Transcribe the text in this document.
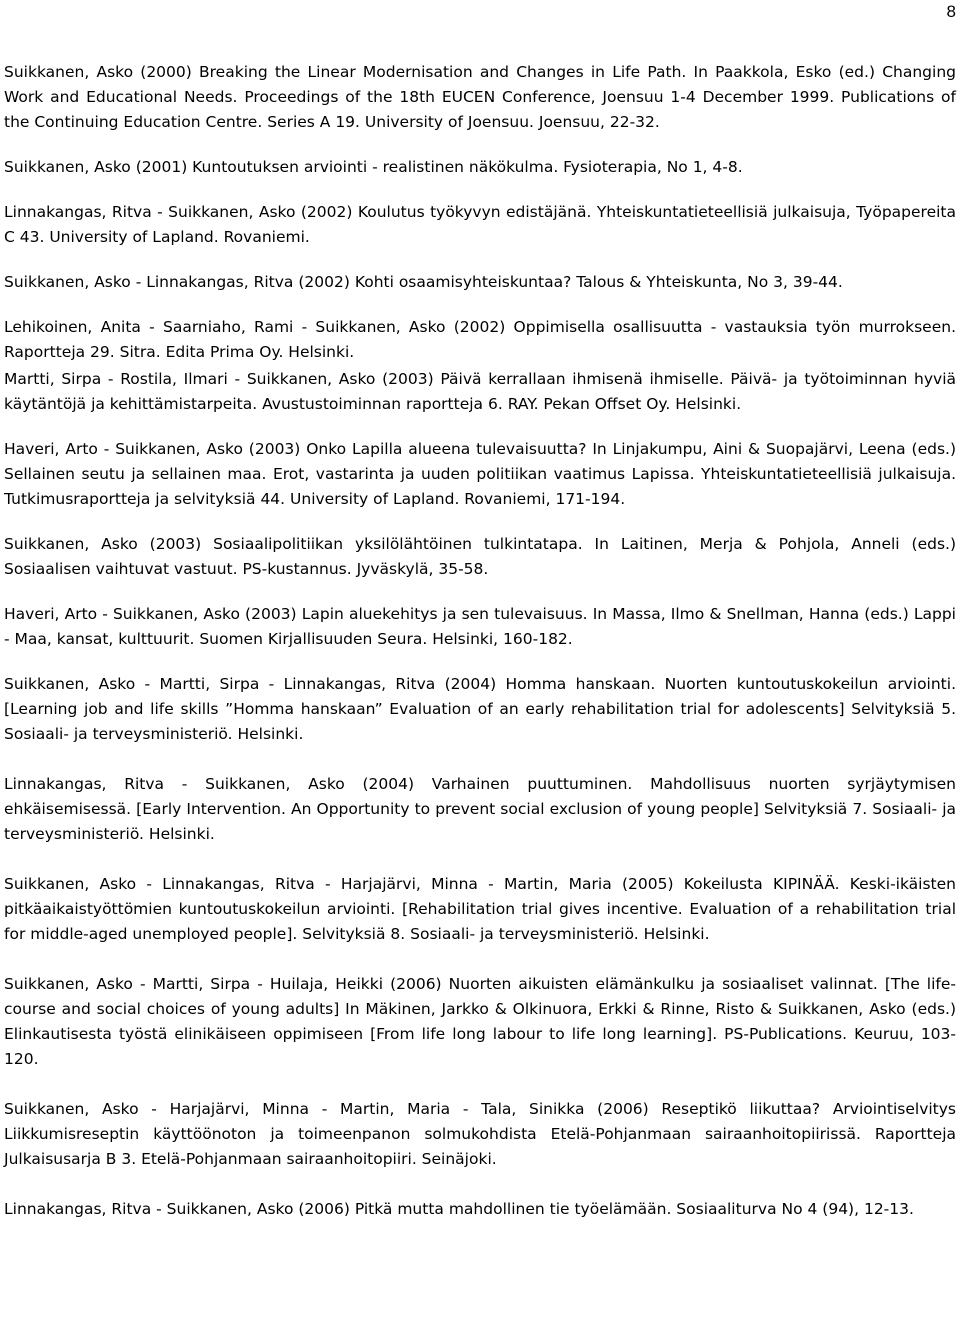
8

Suikkanen, Asko (2000) Breaking the Linear Modernisation and Changes in Life Path. In Paakkola, Esko (ed.) Changing Work and Educational Needs. Proceedings of the 18th EUCEN Conference, Joensuu 1-4 December 1999. Publications of the Continuing Education Centre. Series A 19. University of Joensuu. Joensuu, 22-32.

Suikkanen, Asko (2001) Kuntoutuksen arviointi - realistinen näkökulma. Fysioterapia, No 1, 4-8.

Linnakangas, Ritva - Suikkanen, Asko (2002) Koulutus työkyvyn edistäjänä. Yhteiskuntatieteellisiä julkaisuja, Työpapereita C 43. University of Lapland. Rovaniemi.

Suikkanen, Asko - Linnakangas, Ritva (2002) Kohti osaamisyhteiskuntaa? Talous & Yhteiskunta, No 3, 39-44.

Lehikoinen, Anita - Saarniaho, Rami - Suikkanen, Asko (2002) Oppimisella osallisuutta - vastauksia työn murrokseen. Raportteja 29. Sitra. Edita Prima Oy. Helsinki.

Martti, Sirpa - Rostila, Ilmari - Suikkanen, Asko (2003) Päivä kerrallaan ihmisenä ihmiselle. Päivä- ja työtoiminnan hyviä käytäntöjä ja kehittämistarpeita. Avustustoiminnan raportteja 6. RAY. Pekan Offset Oy. Helsinki.

Haveri, Arto - Suikkanen, Asko (2003) Onko Lapilla alueena tulevaisuutta? In Linjakumpu, Aini & Suopajärvi, Leena (eds.) Sellainen seutu ja sellainen maa. Erot, vastarinta ja uuden politiikan vaatimus Lapissa. Yhteiskuntatieteellisiä julkaisuja. Tutkimusraportteja ja selvityksiä 44. University of Lapland. Rovaniemi, 171-194.

Suikkanen, Asko (2003) Sosiaalipolitiikan yksilölähtöinen tulkintatapa. In Laitinen, Merja & Pohjola, Anneli (eds.) Sosiaalisen vaihtuvat vastuut. PS-kustannus. Jyväskylä, 35-58.

Haveri, Arto - Suikkanen, Asko (2003) Lapin aluekehitys ja sen tulevaisuus. In Massa, Ilmo & Snellman, Hanna (eds.) Lappi - Maa, kansat, kulttuurit. Suomen Kirjallisuuden Seura. Helsinki, 160-182.

Suikkanen, Asko - Martti, Sirpa - Linnakangas, Ritva (2004) Homma hanskaan. Nuorten kuntoutuskokeilun arviointi. [Learning job and life skills ”Homma hanskaan” Evaluation of an early rehabilitation trial for adolescents] Selvityksiä 5. Sosiaali- ja terveysministeriö. Helsinki.

Linnakangas, Ritva - Suikkanen, Asko (2004) Varhainen puuttuminen. Mahdollisuus nuorten syrjäytymisen ehkäisemisessä. [Early Intervention. An Opportunity to prevent social exclusion of young people] Selvityksiä 7. Sosiaali- ja terveysministeriö. Helsinki.

Suikkanen, Asko - Linnakangas, Ritva - Harjajärvi, Minna - Martin, Maria (2005) Kokeilusta KIPINÄÄ. Keski-ikäisten pitkäaikaistyöttömien kuntoutuskokeilun arviointi. [Rehabilitation trial gives incentive. Evaluation of a rehabilitation trial for middle-aged unemployed people]. Selvityksiä 8. Sosiaali- ja terveysministeriö. Helsinki.

Suikkanen, Asko - Martti, Sirpa - Huilaja, Heikki (2006) Nuorten aikuisten elämänkulku ja sosiaaliset valinnat. [The life-course and social choices of young adults] In Mäkinen, Jarkko & Olkinuora, Erkki & Rinne, Risto & Suikkanen, Asko (eds.) Elinkautisesta työstä elinikäiseen oppimiseen [From life long labour to life long learning]. PS-Publications. Keuruu, 103-120.

Suikkanen, Asko - Harjajärvi, Minna - Martin, Maria - Tala, Sinikka (2006) Reseptikö liikuttaa? Arviointiselvitys Liikkumisreseptin käyttöönoton ja toimeenpanon solmukohdista Etelä-Pohjanmaan sairaanhoitopiirissä. Raportteja Julkaisusarja B 3. Etelä-Pohjanmaan sairaanhoitopiiri. Seinäjoki.

Linnakangas, Ritva - Suikkanen, Asko (2006) Pitkä mutta mahdollinen tie työelämään. Sosiaaliturva No 4 (94), 12-13.
